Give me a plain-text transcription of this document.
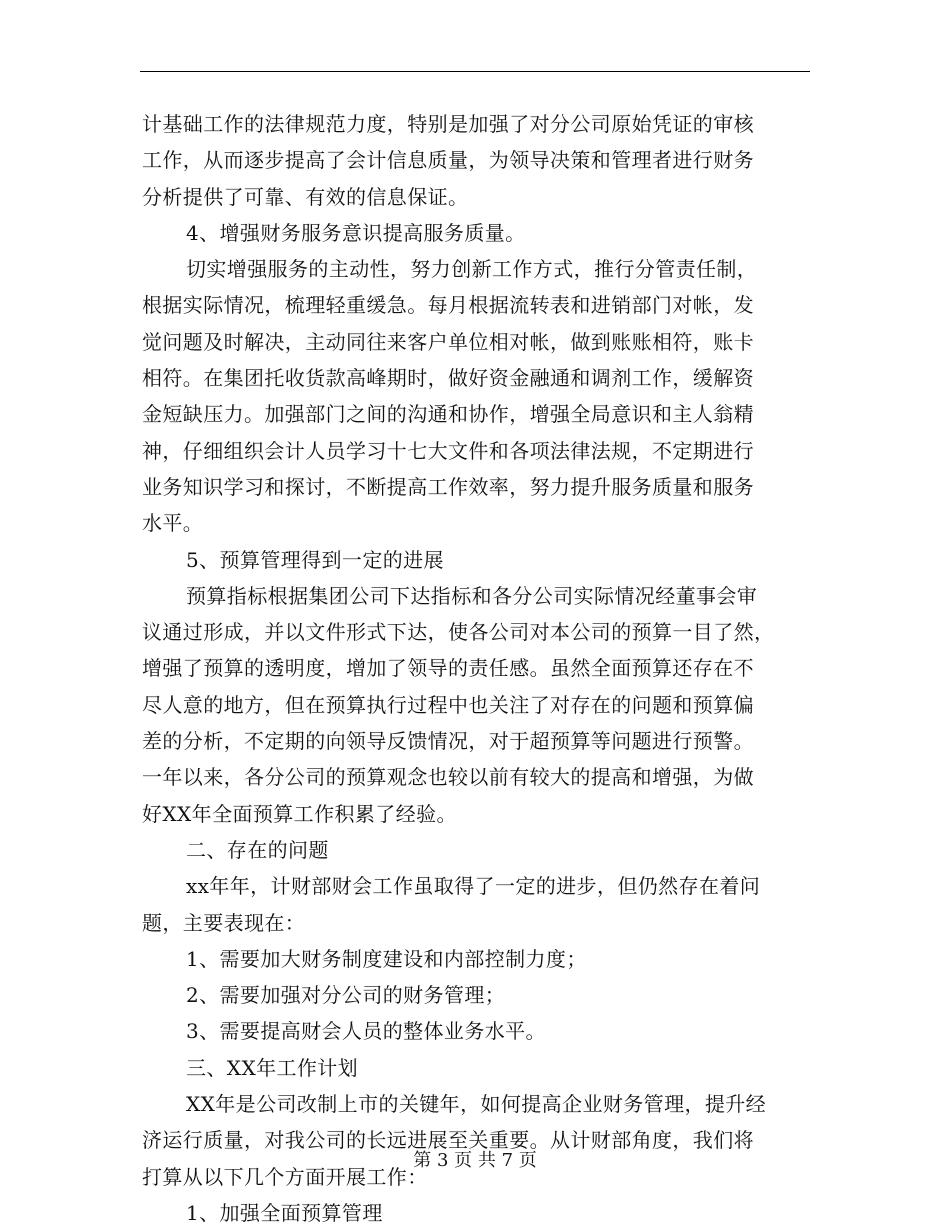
计基础工作的法律规范力度，特别是加强了对分公司原始凭证的审核
工作，从而逐步提高了会计信息质量，为领导决策和管理者进行财务
分析提供了可靠、有效的信息保证。
4、增强财务服务意识提高服务质量。
切实增强服务的主动性，努力创新工作方式，推行分管责任制，
根据实际情况，梳理轻重缓急。每月根据流转表和进销部门对帐，发
觉问题及时解决，主动同往来客户单位相对帐，做到账账相符，账卡
相符。在集团托收货款高峰期时，做好资金融通和调剂工作，缓解资
金短缺压力。加强部门之间的沟通和协作，增强全局意识和主人翁精
神，仔细组织会计人员学习十七大文件和各项法律法规，不定期进行
业务知识学习和探讨，不断提高工作效率，努力提升服务质量和服务
水平。
5、预算管理得到一定的进展
预算指标根据集团公司下达指标和各分公司实际情况经董事会审
议通过形成，并以文件形式下达，使各公司对本公司的预算一目了然，
增强了预算的透明度，增加了领导的责任感。虽然全面预算还存在不
尽人意的地方，但在预算执行过程中也关注了对存在的问题和预算偏
差的分析，不定期的向领导反馈情况，对于超预算等问题进行预警。
一年以来，各分公司的预算观念也较以前有较大的提高和增强，为做
好XX年全面预算工作积累了经验。
二、存在的问题
xx年年，计财部财会工作虽取得了一定的进步，但仍然存在着问
题，主要表现在：
1、需要加大财务制度建设和内部控制力度；
2、需要加强对分公司的财务管理；
3、需要提高财会人员的整体业务水平。
三、XX年工作计划
XX年是公司改制上市的关键年，如何提高企业财务管理，提升经
济运行质量，对我公司的长远进展至关重要。从计财部角度，我们将
打算从以下几个方面开展工作：
1、加强全面预算管理
第 3 页 共 7 页
